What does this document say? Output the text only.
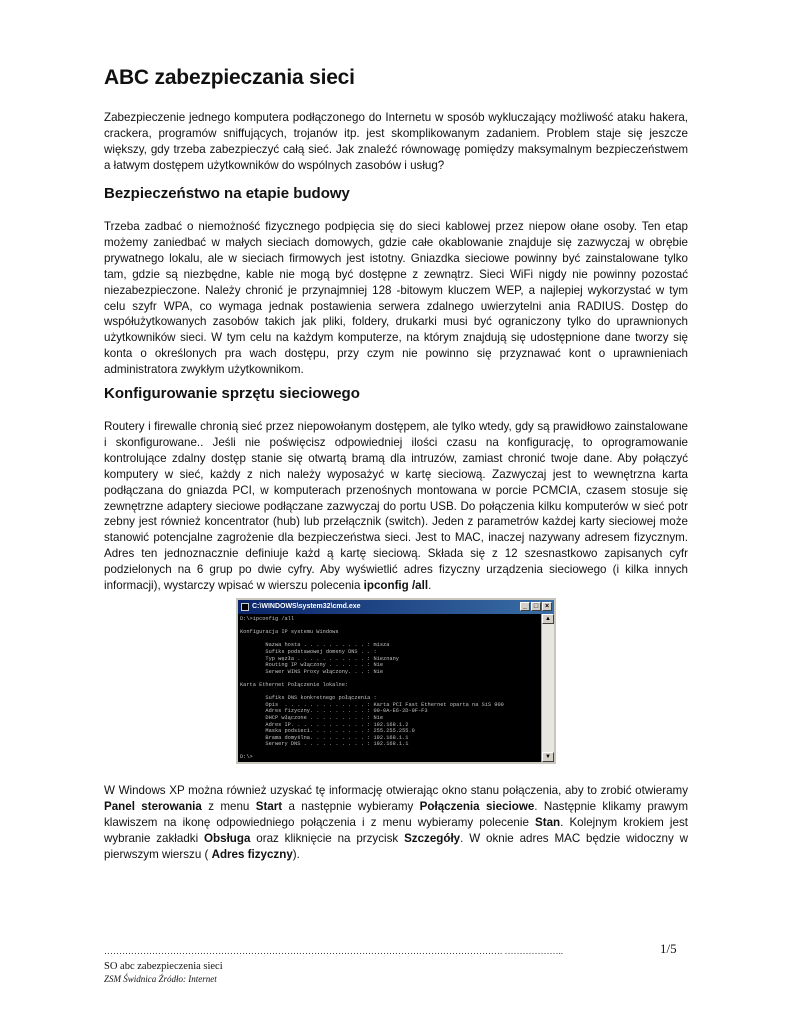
ABC zabezpieczania sieci

Zabezpieczenie jednego komputera podłączonego do Internetu w sposób wykluczający możliwość ataku hakera, crackera, programów sniffujących, trojanów itp. jest skomplikowanym zadaniem. Problem staje się jeszcze większy, gdy trzeba zabezpieczyć całą sieć. Jak znaleźć równowagę pomiędzy maksymalnym bezpieczeństwem a łatwym dostępem użytkowników do wspólnych zasobów i usług?

Bezpieczeństwo na etapie budowy

Trzeba zadbać o niemożność fizycznego podpięcia się do sieci kablowej przez niepow ołane osoby. Ten etap możemy zaniedbać w małych sieciach domowych, gdzie całe okablowanie znajduje się zazwyczaj w obrębie prywatnego lokalu, ale w sieciach firmowych jest istotny. Gniazdka sieciowe powinny być zainstalowane tylko tam, gdzie są niezbędne, kable nie mogą być dostępne z zewnątrz. Sieci WiFi nigdy nie powinny pozostać niezabezpieczone. Należy chronić je przynajmniej 128 -bitowym kluczem WEP, a najlepiej wykorzystać w tym celu szyfr WPA, co wymaga jednak postawienia serwera zdalnego uwierzytelni ania RADIUS. Dostęp do współużytkowanych zasobów takich jak pliki, foldery, drukarki musi być ograniczony tylko do uprawnionych użytkowników sieci. W tym celu na każdym komputerze, na którym znajdują się udostępnione dane tworzy się konta o określonych pra wach dostępu, przy czym nie powinno się przyznawać kont o uprawnieniach administratora zwykłym użytkownikom.

Konfigurowanie sprzętu sieciowego

Routery i firewalle chronią sieć przez niepowołanym dostępem, ale tylko wtedy, gdy są prawidłowo zainstalowane i skonfigurowane.. Jeśli nie poświęcisz odpowiedniej ilości czasu na konfigurację, to oprogramowanie kontrolujące zdalny dostęp stanie się otwartą bramą dla intruzów, zamiast chronić twoje dane. Aby połączyć komputery w sieć, każdy z nich należy wyposażyć w kartę sieciową. Zazwyczaj jest to wewnętrzna karta podłączana do gniazda PCI, w komputerach przenośnych montowana w porcie PCMCIA, czasem stosuje się zewnętrzne adaptery sieciowe podłączane zazwyczaj do portu USB. Do połączenia kilku komputerów w sieć potr zebny jest również koncentrator (hub) lub przełącznik (switch). Jeden z parametrów każdej karty sieciowej może stanowić potencjalne zagrożenie dla bezpieczeństwa sieci. Jest to MAC, inaczej nazywany adresem fizycznym. Adres ten jednoznacznie definiuje każd ą kartę sieciową. Składa się z 12 szesnastkowo zapisanych cyfr podzielonych na 6 grup po dwie cyfry. Aby wyświetlić adres fizyczny urządzenia sieciowego (i kilka innych informacji), wystarczy wpisać w wierszu polecenia ipconfig /all.

C:\WINDOWS\system32\cmd.exe	_ □ ×
D:\>ipconfig /all

Konfiguracja IP systemu Windows

Nazwa hosta . . . . . . . . . . : misza
Sufiks podstawowej domeny DNS . . :
Typ węzła . . . . . . . . . . . : Nieznany
Routing IP włączony . . . . . . : Nie
Serwer WINS Proxy włączony. . . : Nie

Karta Ethernet Połączenie lokalne:

Sufiks DNS konkretnego połączenia :
Opis  . . . . . . . . . . . . . : Karta PCI Fast Ethernet oparta na SiS 900
Adres fizyczny. . . . . . . . . : 00-0A-E6-2D-0F-F3
DHCP włączone . . . . . . . . . : Nie
Adres IP. . . . . . . . . . . . : 192.168.1.2
Maska podsieci. . . . . . . . . : 255.255.255.0
Brama domyślna. . . . . . . . . : 192.168.1.1
Serwery DNS . . . . . . . . . . : 192.168.1.1

D:\>
▲
▼

W Windows XP można również uzyskać tę informację otwierając okno stanu połączenia, aby to zrobić otwieramy Panel sterowania z menu Start a następnie wybieramy Połączenia sieciowe. Następnie klikamy prawym klawiszem na ikonę odpowiedniego połączenia i z menu wybieramy polecenie Stan. Kolejnym krokiem jest wybranie zakładki Obsługa oraz kliknięcie na przycisk Szczegóły. W oknie adres MAC będzie widoczny w pierwszym wierszu ( Adres fizyczny).

……………………………………………………………………………………………………………………. ………………..	1/5
SO abc zabezpieczenia sieci
ZSM Świdnica Źródło: Internet
